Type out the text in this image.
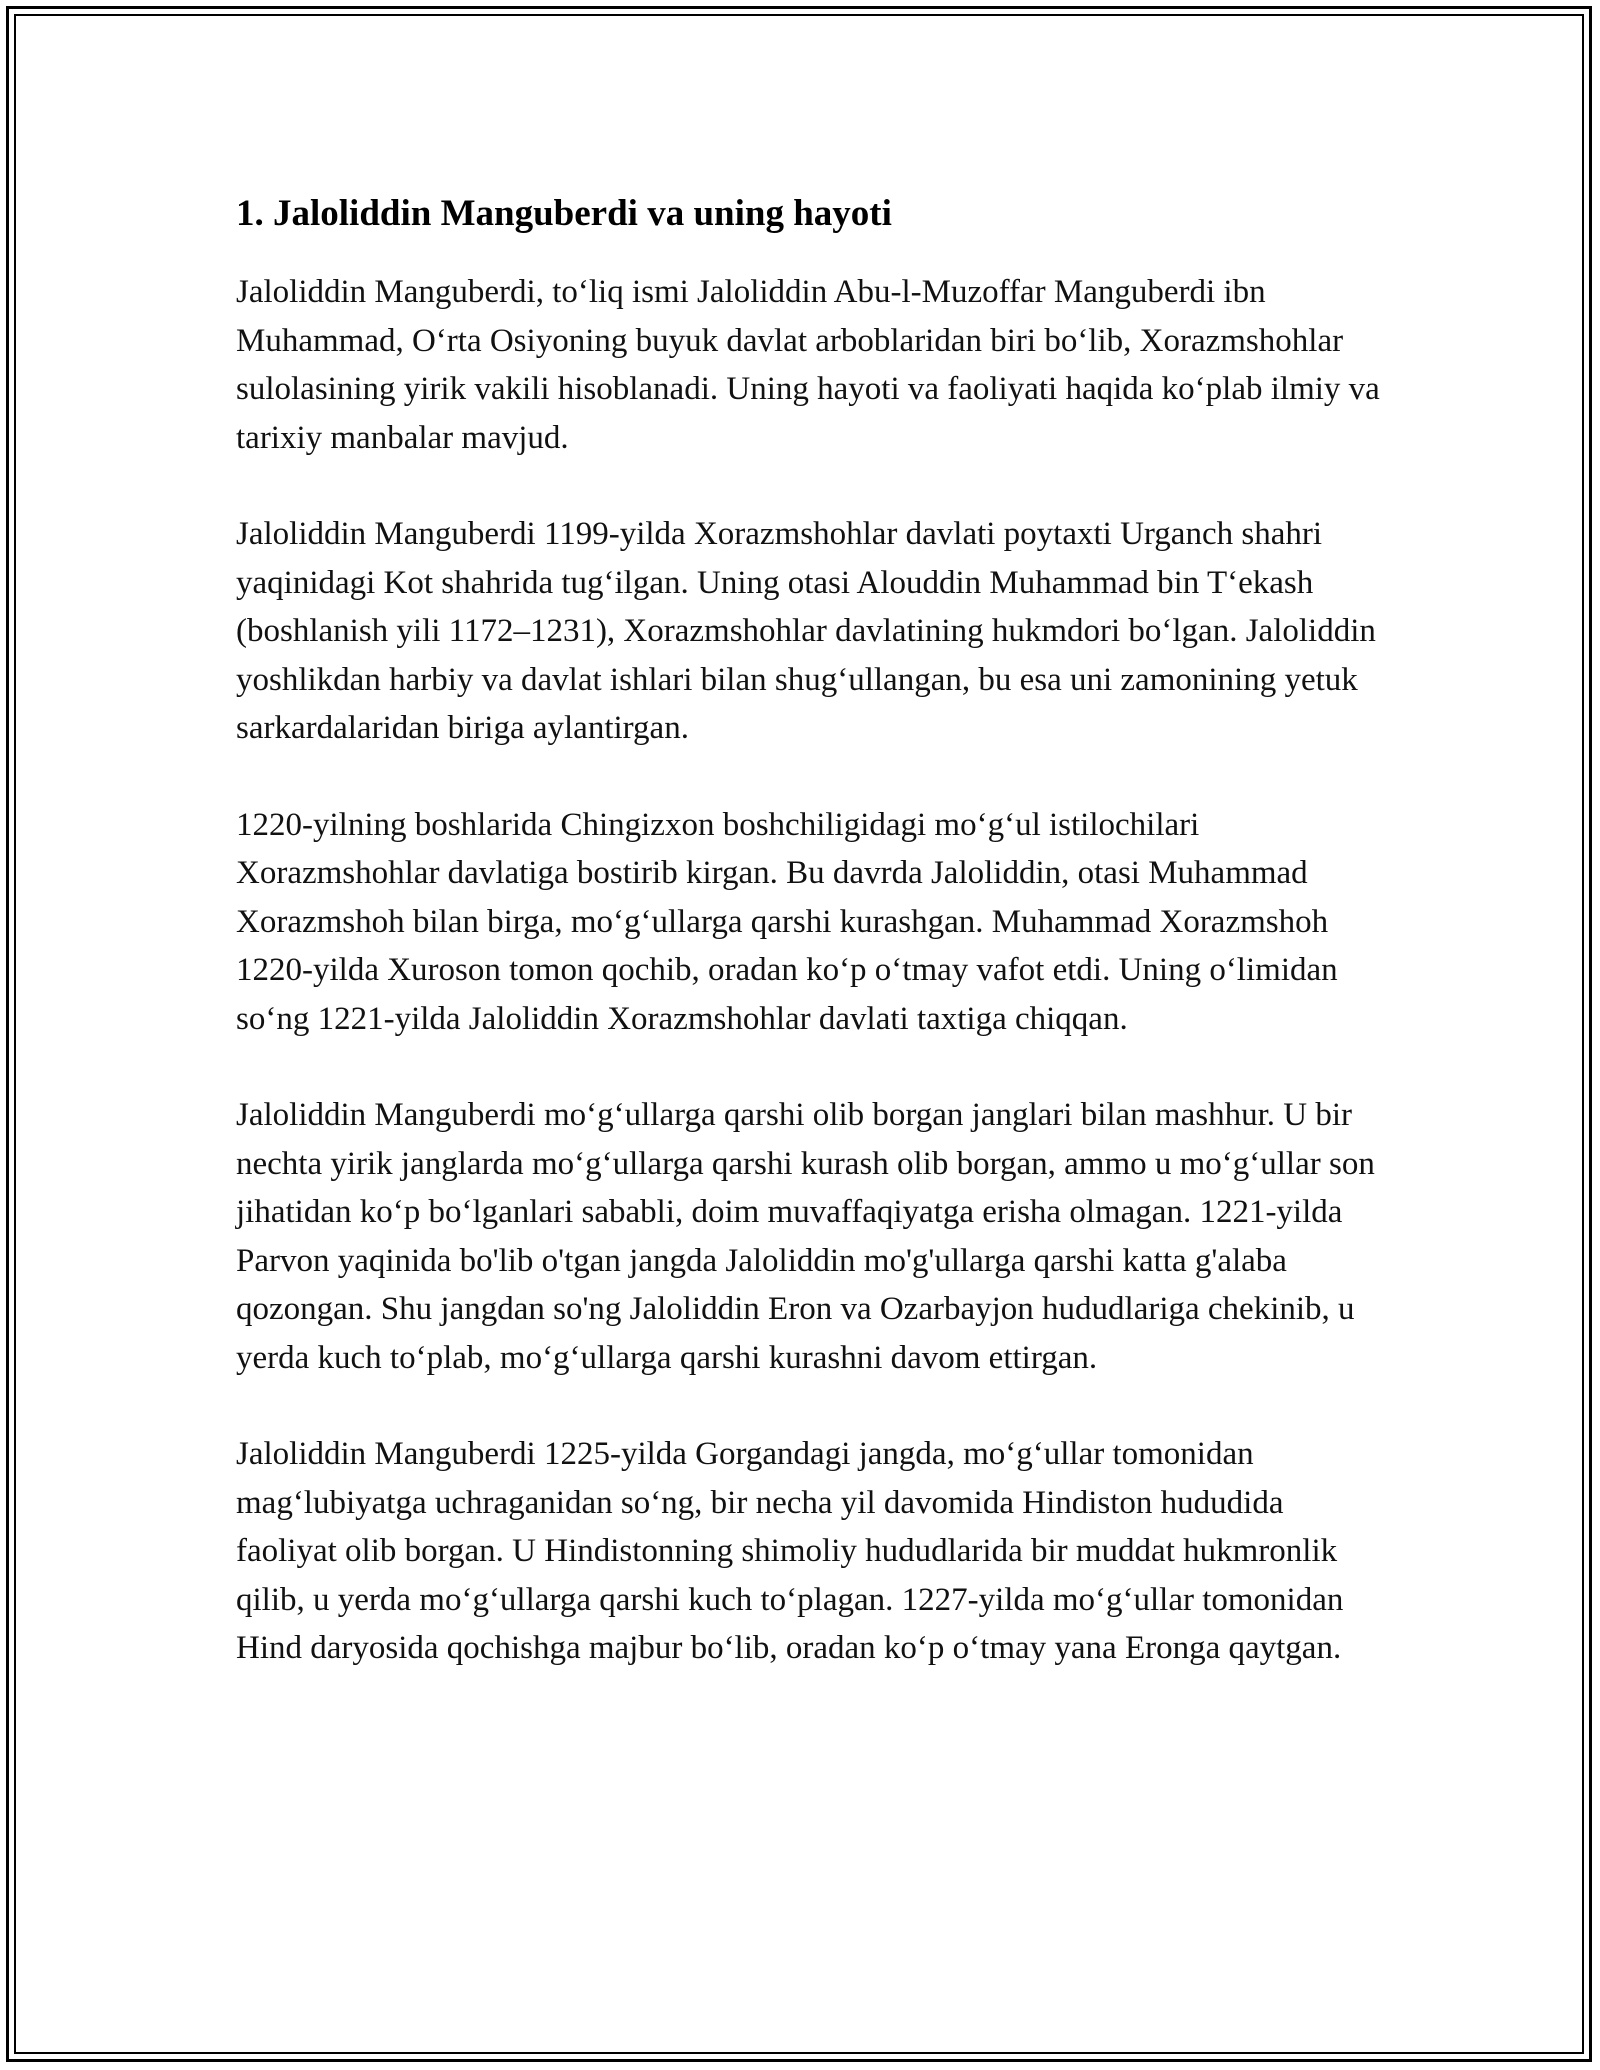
1. Jaloliddin Manguberdi va uning hayoti

Jaloliddin Manguberdi, to‘liq ismi Jaloliddin Abu-l-Muzoffar Manguberdi ibn Muhammad, O‘rta Osiyoning buyuk davlat arboblaridan biri bo‘lib, Xorazmshohlar sulolasining yirik vakili hisoblanadi. Uning hayoti va faoliyati haqida ko‘plab ilmiy va tarixiy manbalar mavjud.

Jaloliddin Manguberdi 1199-yilda Xorazmshohlar davlati poytaxti Urganch shahri yaqinidagi Kot shahrida tug‘ilgan. Uning otasi Alouddin Muhammad bin T‘ekash (boshlanish yili 1172–1231), Xorazmshohlar davlatining hukmdori bo‘lgan. Jaloliddin yoshlikdan harbiy va davlat ishlari bilan shug‘ullangan, bu esa uni zamonining yetuk sarkardalaridan biriga aylantirgan.

1220-yilning boshlarida Chingizxon boshchiligidagi mo‘g‘ul istilochilari Xorazmshohlar davlatiga bostirib kirgan. Bu davrda Jaloliddin, otasi Muhammad Xorazmshoh bilan birga, mo‘g‘ullarga qarshi kurashgan. Muhammad Xorazmshoh 1220-yilda Xuroson tomon qochib, oradan ko‘p o‘tmay vafot etdi. Uning o‘limidan so‘ng 1221-yilda Jaloliddin Xorazmshohlar davlati taxtiga chiqqan.

Jaloliddin Manguberdi mo‘g‘ullarga qarshi olib borgan janglari bilan mashhur. U bir nechta yirik janglarda mo‘g‘ullarga qarshi kurash olib borgan, ammo u mo‘g‘ullar son jihatidan ko‘p bo‘lganlari sababli, doim muvaffaqiyatga erisha olmagan. 1221-yilda Parvon yaqinida bo'lib o'tgan jangda Jaloliddin mo'g'ullarga qarshi katta g'alaba qozongan. Shu jangdan so'ng Jaloliddin Eron va Ozarbayjon hududlariga chekinib, u yerda kuch to‘plab, mo‘g‘ullarga qarshi kurashni davom ettirgan.

Jaloliddin Manguberdi 1225-yilda Gorgandagi jangda, mo‘g‘ullar tomonidan mag‘lubiyatga uchraganidan so‘ng, bir necha yil davomida Hindiston hududida faoliyat olib borgan. U Hindistonning shimoliy hududlarida bir muddat hukmronlik qilib, u yerda mo‘g‘ullarga qarshi kuch to‘plagan. 1227-yilda mo‘g‘ullar tomonidan Hind daryosida qochishga majbur bo‘lib, oradan ko‘p o‘tmay yana Eronga qaytgan.
